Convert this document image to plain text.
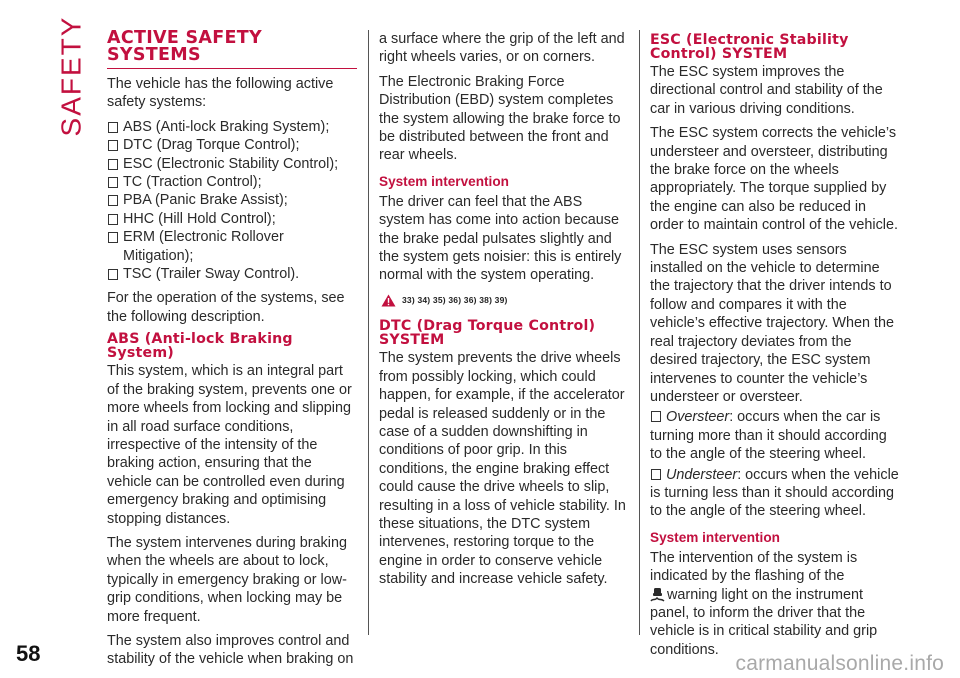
SAFETY ACTIVE SAFETY SYSTEMS

The vehicle has the following active safety systems:

ABS (Anti-lock Braking System);
DTC (Drag Torque Control);
ESC (Electronic Stability Control);
TC (Traction Control);
PBA (Panic Brake Assist);
HHC (Hill Hold Control);
ERM (Electronic Rollover Mitigation);
TSC (Trailer Sway Control).

For the operation of the systems, see the following description.

ABS (Anti-lock Braking System)

This system, which is an integral part of the braking system, prevents one or more wheels from locking and slipping in all road surface conditions, irrespective of the intensity of the braking action, ensuring that the vehicle can be controlled even during emergency braking and optimising stopping distances.

The system intervenes during braking when the wheels are about to lock, typically in emergency braking or low-grip conditions, when locking may be more frequent.

The system also improves control and stability of the vehicle when braking on

a surface where the grip of the left and right wheels varies, or on corners.

The Electronic Braking Force Distribution (EBD) system completes the system allowing the brake force to be distributed between the front and rear wheels.

System intervention

The driver can feel that the ABS system has come into action because the brake pedal pulsates slightly and the system gets noisier: this is entirely normal with the system operating.

33) 34) 35) 36) 36) 38) 39)
DTC (Drag Torque Control) SYSTEM

The system prevents the drive wheels from possibly locking, which could happen, for example, if the accelerator pedal is released suddenly or in the case of a sudden downshifting in conditions of poor grip. In this conditions, the engine braking effect could cause the drive wheels to slip, resulting in a loss of vehicle stability. In these situations, the DTC system intervenes, restoring torque to the engine in order to conserve vehicle stability and increase vehicle safety.

ESC (Electronic Stability Control) SYSTEM

The ESC system improves the directional control and stability of the car in various driving conditions.

The ESC system corrects the vehicle’s understeer and oversteer, distributing the brake force on the wheels appropriately. The torque supplied by the engine can also be reduced in order to maintain control of the vehicle.

The ESC system uses sensors installed on the vehicle to determine the trajectory that the driver intends to follow and compares it with the vehicle’s effective trajectory. When the real trajectory deviates from the desired trajectory, the ESC system intervenes to counter the vehicle’s understeer or oversteer.

Oversteer: occurs when the car is turning more than it should according to the angle of the steering wheel.

Understeer: occurs when the vehicle is turning less than it should according to the angle of the steering wheel.

System intervention

The intervention of the system is indicated by the flashing of the
warning light on the instrument panel, to inform the driver that the vehicle is in critical stability and grip conditions.

58	carmanualsonline.info
